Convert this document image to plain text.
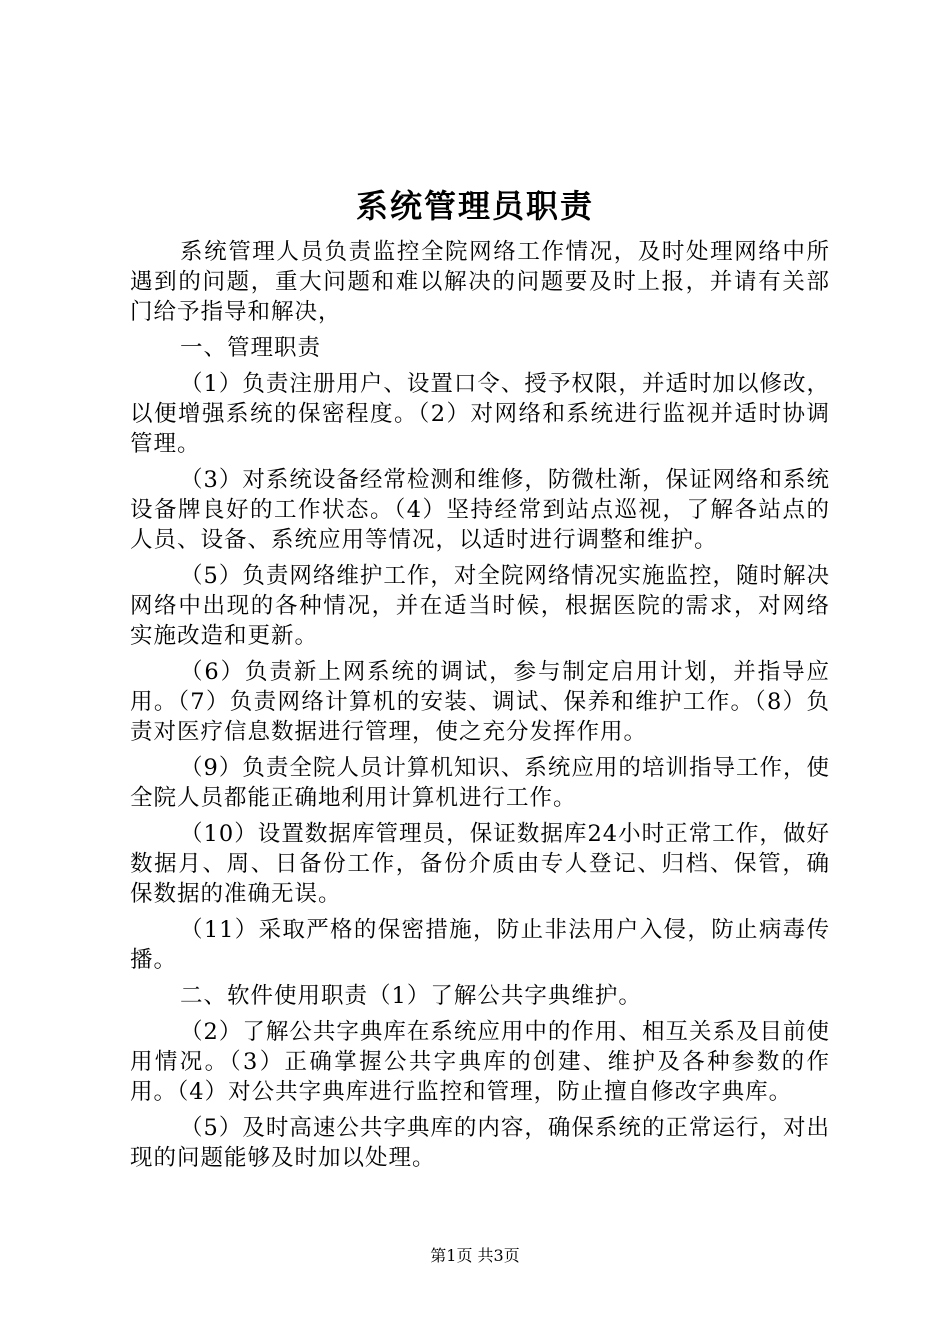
系统管理员职责

系统管理人员负责监控全院网络工作情况，及时处理网络中所遇到的问题，重大问题和难以解决的问题要及时上报，并请有关部门给予指导和解决，

一、管理职责

（1）负责注册用户、设置口令、授予权限，并适时加以修改，以便增强系统的保密程度。（2）对网络和系统进行监视并适时协调管理。

（3）对系统设备经常检测和维修，防微杜渐，保证网络和系统设备牌良好的工作状态。（4）坚持经常到站点巡视，了解各站点的人员、设备、系统应用等情况，以适时进行调整和维护。

（5）负责网络维护工作，对全院网络情况实施监控，随时解决网络中出现的各种情况，并在适当时候，根据医院的需求，对网络实施改造和更新。

（6）负责新上网系统的调试，参与制定启用计划，并指导应用。（7）负责网络计算机的安装、调试、保养和维护工作。（8）负责对医疗信息数据进行管理，使之充分发挥作用。

（9）负责全院人员计算机知识、系统应用的培训指导工作，使全院人员都能正确地利用计算机进行工作。

（10）设置数据库管理员，保证数据库24小时正常工作，做好数据月、周、日备份工作，备份介质由专人登记、归档、保管，确保数据的准确无误。

（11）采取严格的保密措施，防止非法用户入侵，防止病毒传播。

二、软件使用职责（1）了解公共字典维护。

（2）了解公共字典库在系统应用中的作用、相互关系及目前使用情况。（3）正确掌握公共字典库的创建、维护及各种参数的作用。（4）对公共字典库进行监控和管理，防止擅自修改字典库。

（5）及时高速公共字典库的内容，确保系统的正常运行，对出现的问题能够及时加以处理。

第1页 共3页
